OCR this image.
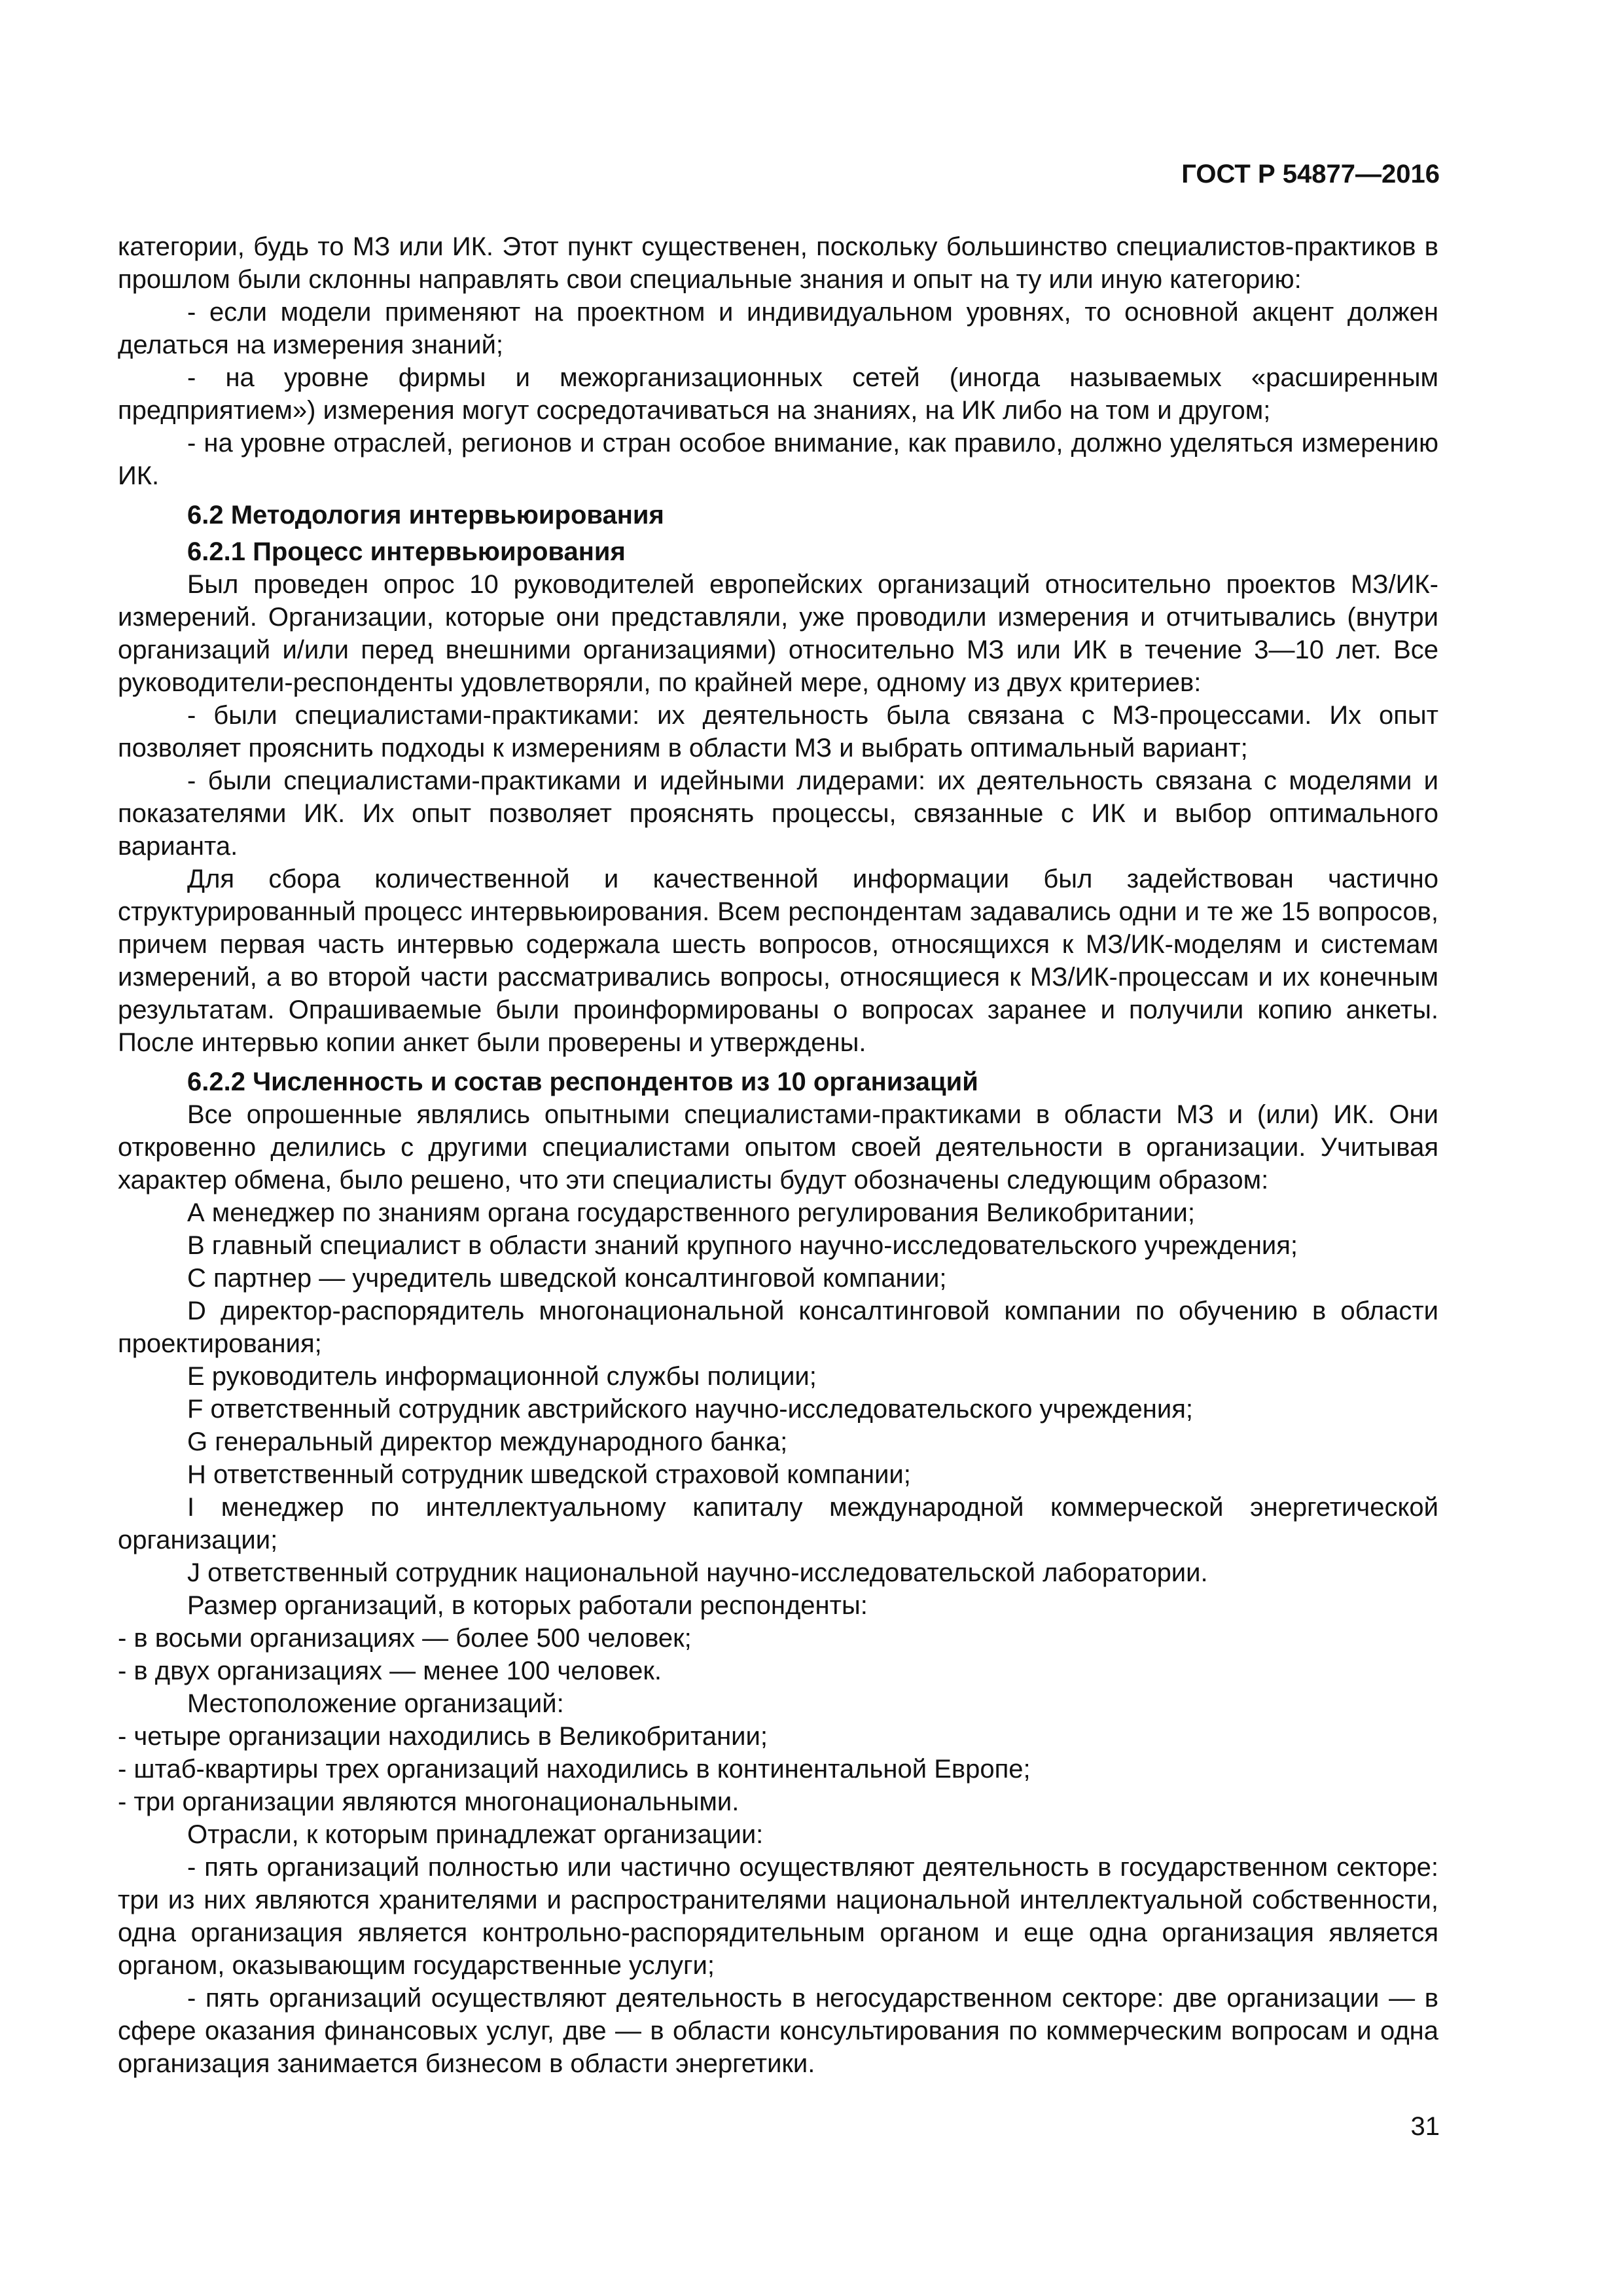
ГОСТ Р 54877—2016

категории, будь то МЗ или ИК. Этот пункт существенен, поскольку большинство специалистов-практиков в прошлом были склонны направлять свои специальные знания и опыт на ту или иную категорию:

- если модели применяют на проектном и индивидуальном уровнях, то основной акцент должен делаться на измерения знаний;

- на уровне фирмы и межорганизационных сетей (иногда называемых «расширенным предприятием») измерения могут сосредотачиваться на знаниях, на ИК либо на том и другом;

- на уровне отраслей, регионов и стран особое внимание, как правило, должно уделяться измерению ИК.

6.2 Методология интервьюирования

6.2.1 Процесс интервьюирования

Был проведен опрос 10 руководителей европейских организаций относительно проектов МЗ/ИК-измерений. Организации, которые они представляли, уже проводили измерения и отчитывались (внутри организаций и/или перед внешними организациями) относительно МЗ или ИК в течение 3—10 лет. Все руководители-респонденты удовлетворяли, по крайней мере, одному из двух критериев:

- были специалистами-практиками: их деятельность была связана с МЗ-процессами. Их опыт позволяет прояснить подходы к измерениям в области МЗ и выбрать оптимальный вариант;

- были специалистами-практиками и идейными лидерами: их деятельность связана с моделями и показателями ИК. Их опыт позволяет прояснять процессы, связанные с ИК и выбор оптимального варианта.

Для сбора количественной и качественной информации был задействован частично структурированный процесс интервьюирования. Всем респондентам задавались одни и те же 15 вопросов, причем первая часть интервью содержала шесть вопросов, относящихся к МЗ/ИК-моделям и системам измерений, а во второй части рассматривались вопросы, относящиеся к МЗ/ИК-процессам и их конечным результатам. Опрашиваемые были проинформированы о вопросах заранее и получили копию анкеты. После интервью копии анкет были проверены и утверждены.

6.2.2 Численность и состав респондентов из 10 организаций

Все опрошенные являлись опытными специалистами-практиками в области МЗ и (или) ИК. Они откровенно делились с другими специалистами опытом своей деятельности в организации. Учитывая характер обмена, было решено, что эти специалисты будут обозначены следующим образом:

А менеджер по знаниям органа государственного регулирования Великобритании;

В главный специалист в области знаний крупного научно-исследовательского учреждения;

С партнер — учредитель шведской консалтинговой компании;

D директор-распорядитель многонациональной консалтинговой компании по обучению в области проектирования;

Е руководитель информационной службы полиции;

F ответственный сотрудник австрийского научно-исследовательского учреждения;

G генеральный директор международного банка;

Н ответственный сотрудник шведской страховой компании;

I менеджер по интеллектуальному капиталу международной коммерческой энергетической организации;

J ответственный сотрудник национальной научно-исследовательской лаборатории.

Размер организаций, в которых работали респонденты:

- в восьми организациях — более 500 человек;

- в двух организациях — менее 100 человек.

Местоположение организаций:

- четыре организации находились в Великобритании;

- штаб-квартиры трех организаций находились в континентальной Европе;

- три организации являются многонациональными.

Отрасли, к которым принадлежат организации:

- пять организаций полностью или частично осуществляют деятельность в государственном секторе: три из них являются хранителями и распространителями национальной интеллектуальной собственности, одна организация является контрольно-распорядительным органом и еще одна организация является органом, оказывающим государственные услуги;

- пять организаций осуществляют деятельность в негосударственном секторе: две организации — в сфере оказания финансовых услуг, две — в области консультирования по коммерческим вопросам и одна организация занимается бизнесом в области энергетики.

31
